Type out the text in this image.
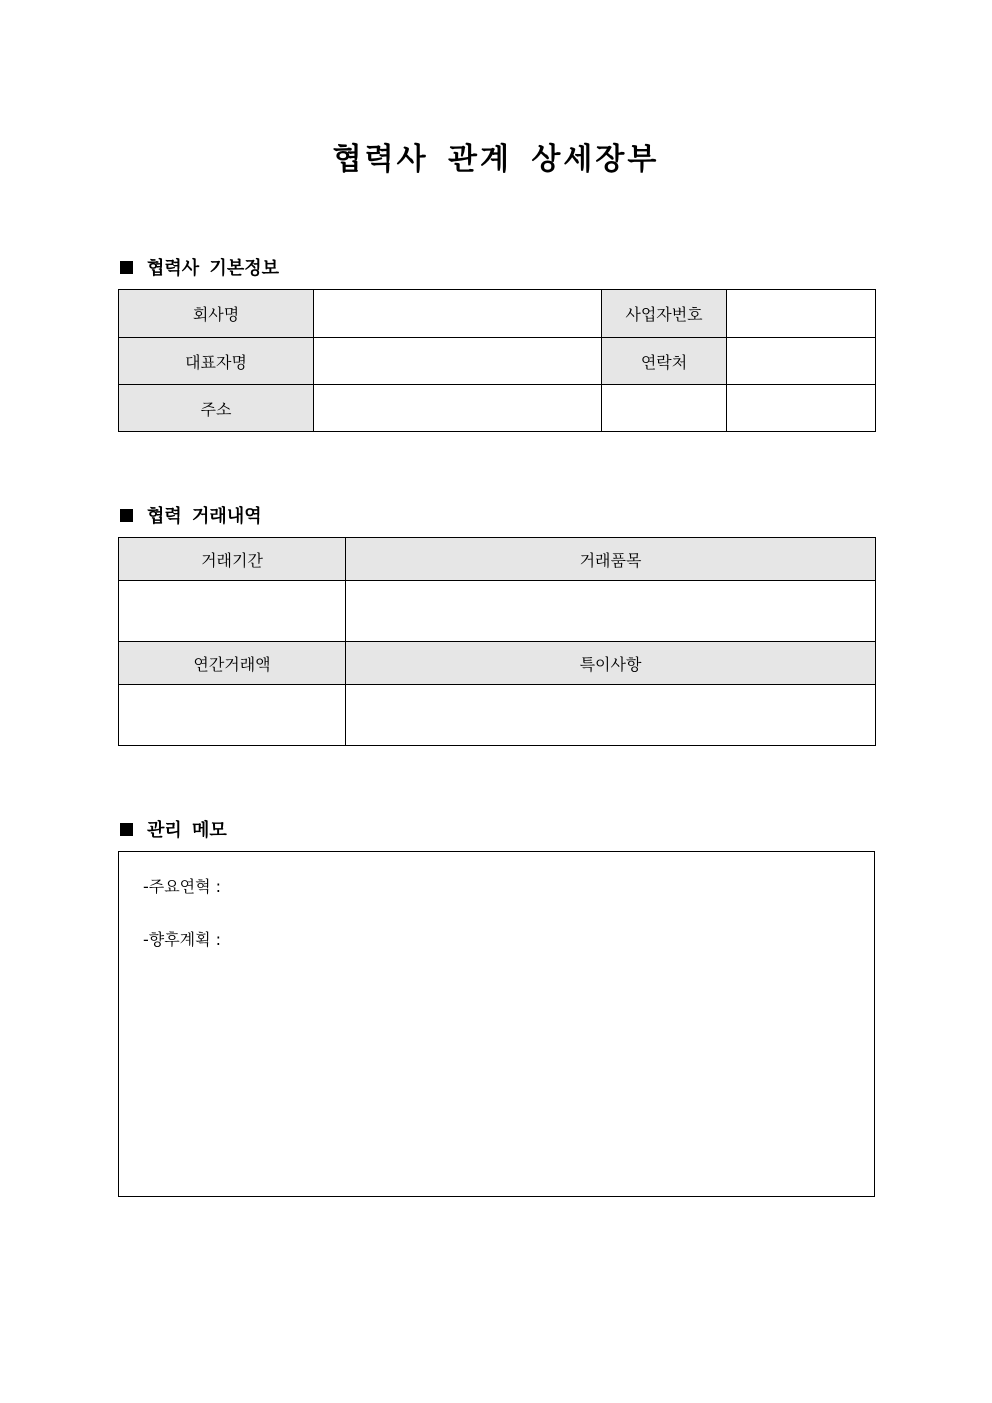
협력사 관계 상세장부
협력사 기본정보
회사명		사업자번호	
대표자명		연락처	
주소			
협력 거래내역
거래기간	거래품목

연간거래액	특이사항

관리 메모
-주요연혁 :
-향후계획 :
